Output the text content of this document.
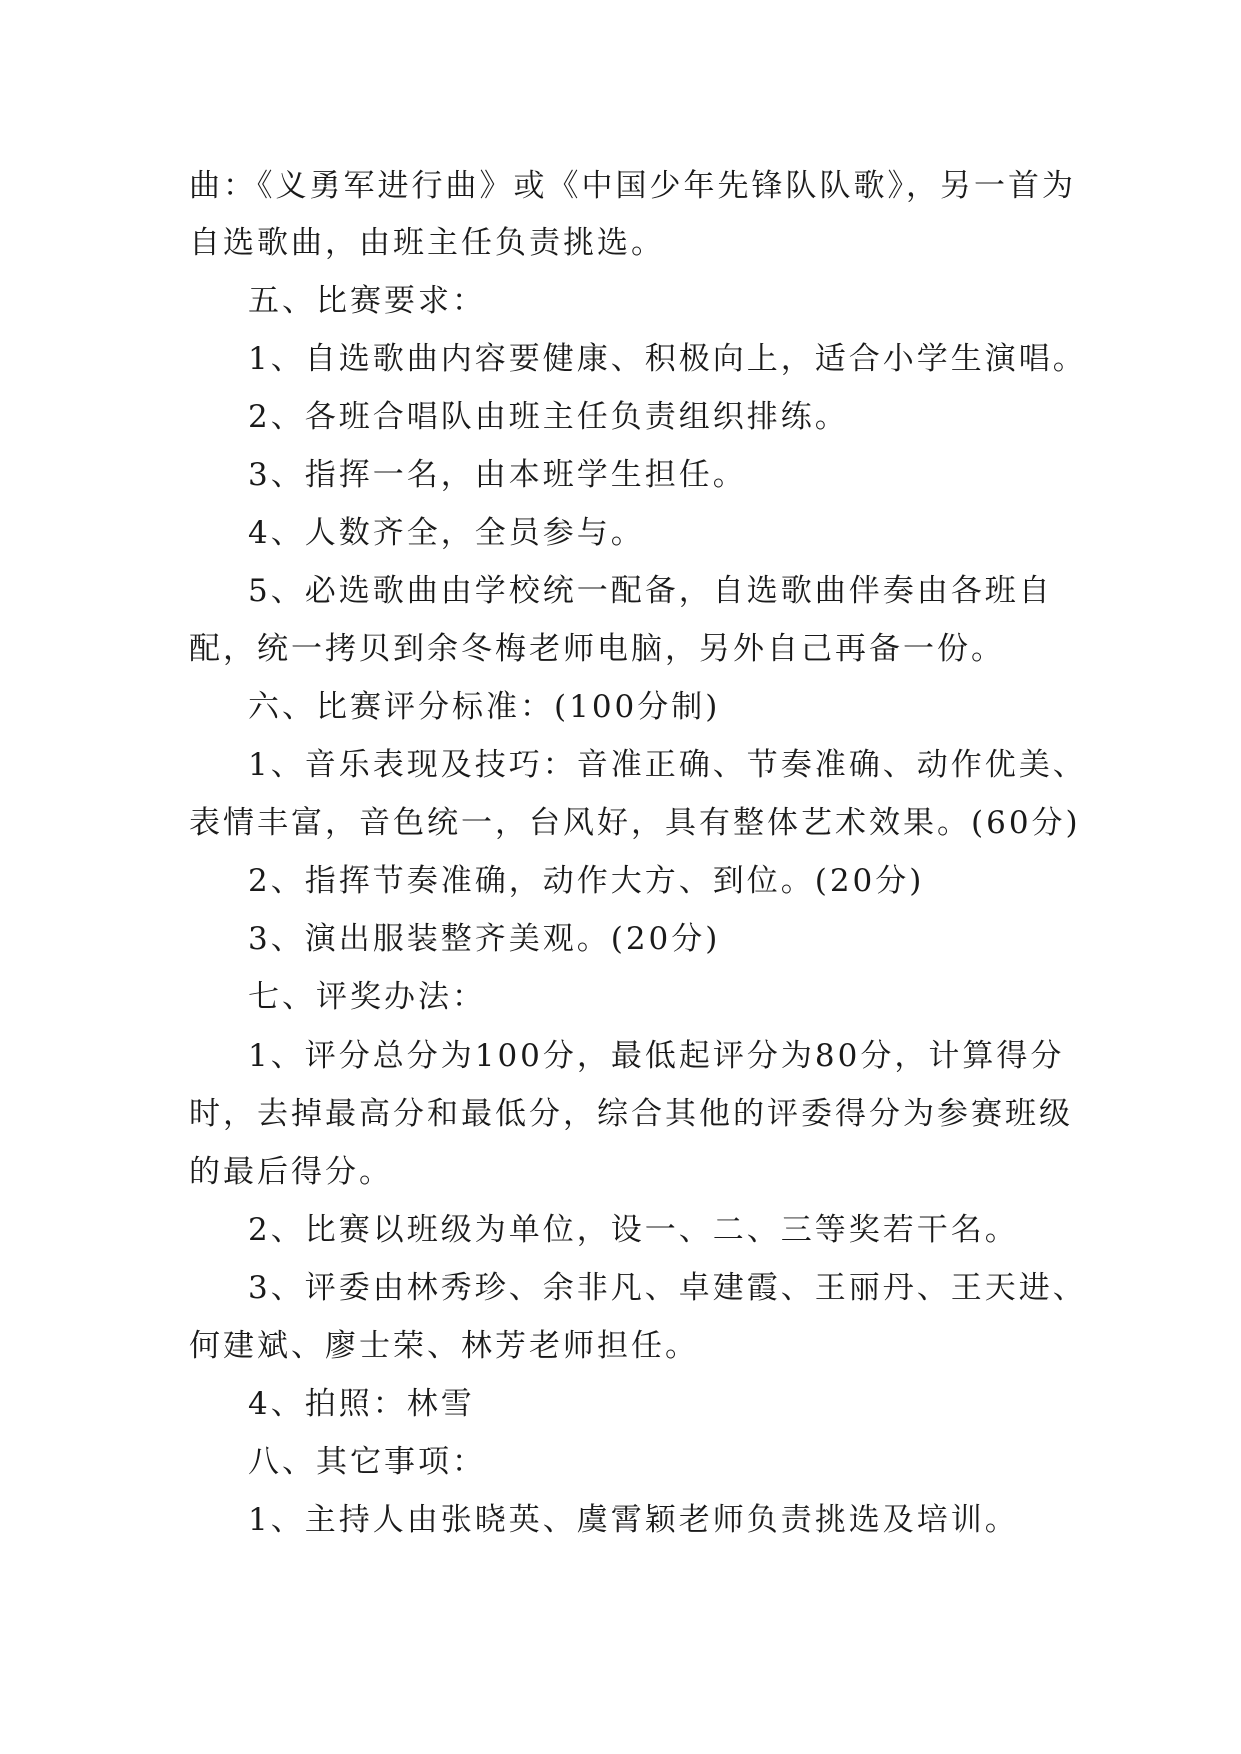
曲：《义勇军进行曲》或《中国少年先锋队队歌》，另一首为
自选歌曲，由班主任负责挑选。
五、比赛要求：
1、自选歌曲内容要健康、积极向上，适合小学生演唱。
2、各班合唱队由班主任负责组织排练。
3、指挥一名，由本班学生担任。
4、人数齐全，全员参与。
5、必选歌曲由学校统一配备，自选歌曲伴奏由各班自
配，统一拷贝到余冬梅老师电脑，另外自己再备一份。
六、比赛评分标准：(100分制)
1、音乐表现及技巧：音准正确、节奏准确、动作优美、
表情丰富，音色统一，台风好，具有整体艺术效果。(60分)
2、指挥节奏准确，动作大方、到位。(20分)
3、演出服装整齐美观。(20分)
七、评奖办法：
1、评分总分为100分，最低起评分为80分，计算得分
时，去掉最高分和最低分，综合其他的评委得分为参赛班级
的最后得分。
2、比赛以班级为单位，设一、二、三等奖若干名。
3、评委由林秀珍、余非凡、卓建霞、王丽丹、王天进、
何建斌、廖士荣、林芳老师担任。
4、拍照：林雪
八、其它事项：
1、主持人由张晓英、虞霄颖老师负责挑选及培训。
